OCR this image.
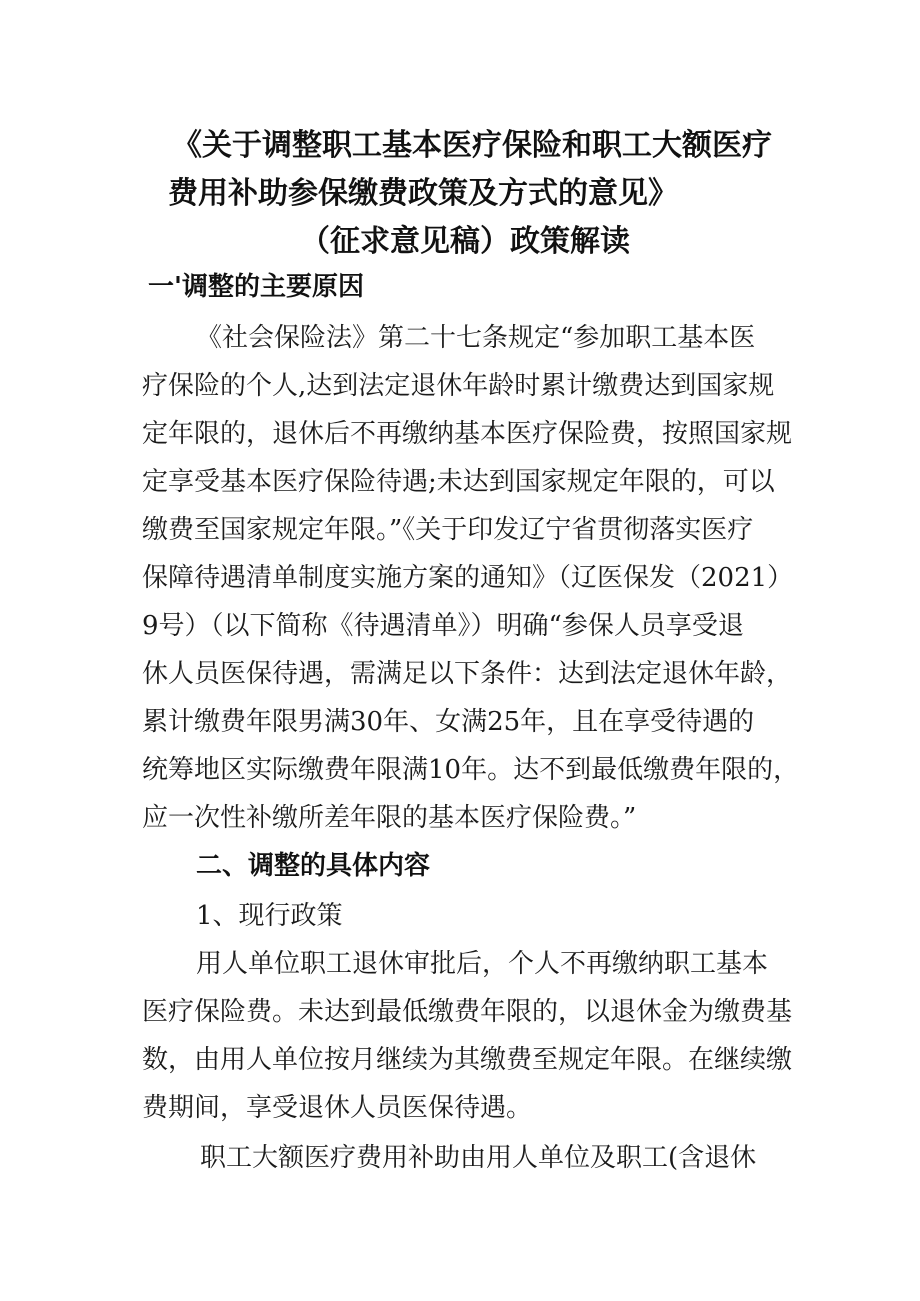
《关于调整职工基本医疗保险和职工大额医疗
费用补助参保缴费政策及方式的意见》
（征求意见稿）政策解读
一'调整的主要原因
《社会保险法》第二十七条规定“参加职工基本医
疗保险的个人,达到法定退休年龄时累计缴费达到国家规
定年限的，退休后不再缴纳基本医疗保险费，按照国家规
定享受基本医疗保险待遇;未达到国家规定年限的，可以
缴费至国家规定年限。”《关于印发辽宁省贯彻落实医疗
保障待遇清单制度实施方案的通知》（辽医保发（2021）
9号）（以下简称《待遇清单》）明确“参保人员享受退
休人员医保待遇，需满足以下条件：达到法定退休年龄，
累计缴费年限男满30年、女满25年，且在享受待遇的
统筹地区实际缴费年限满10年。达不到最低缴费年限的，
应一次性补缴所差年限的基本医疗保险费。”
二、调整的具体内容
1、现行政策
用人单位职工退休审批后，个人不再缴纳职工基本
医疗保险费。未达到最低缴费年限的，以退休金为缴费基
数，由用人单位按月继续为其缴费至规定年限。在继续缴
费期间，享受退休人员医保待遇。
职工大额医疗费用补助由用人单位及职工(含退休
